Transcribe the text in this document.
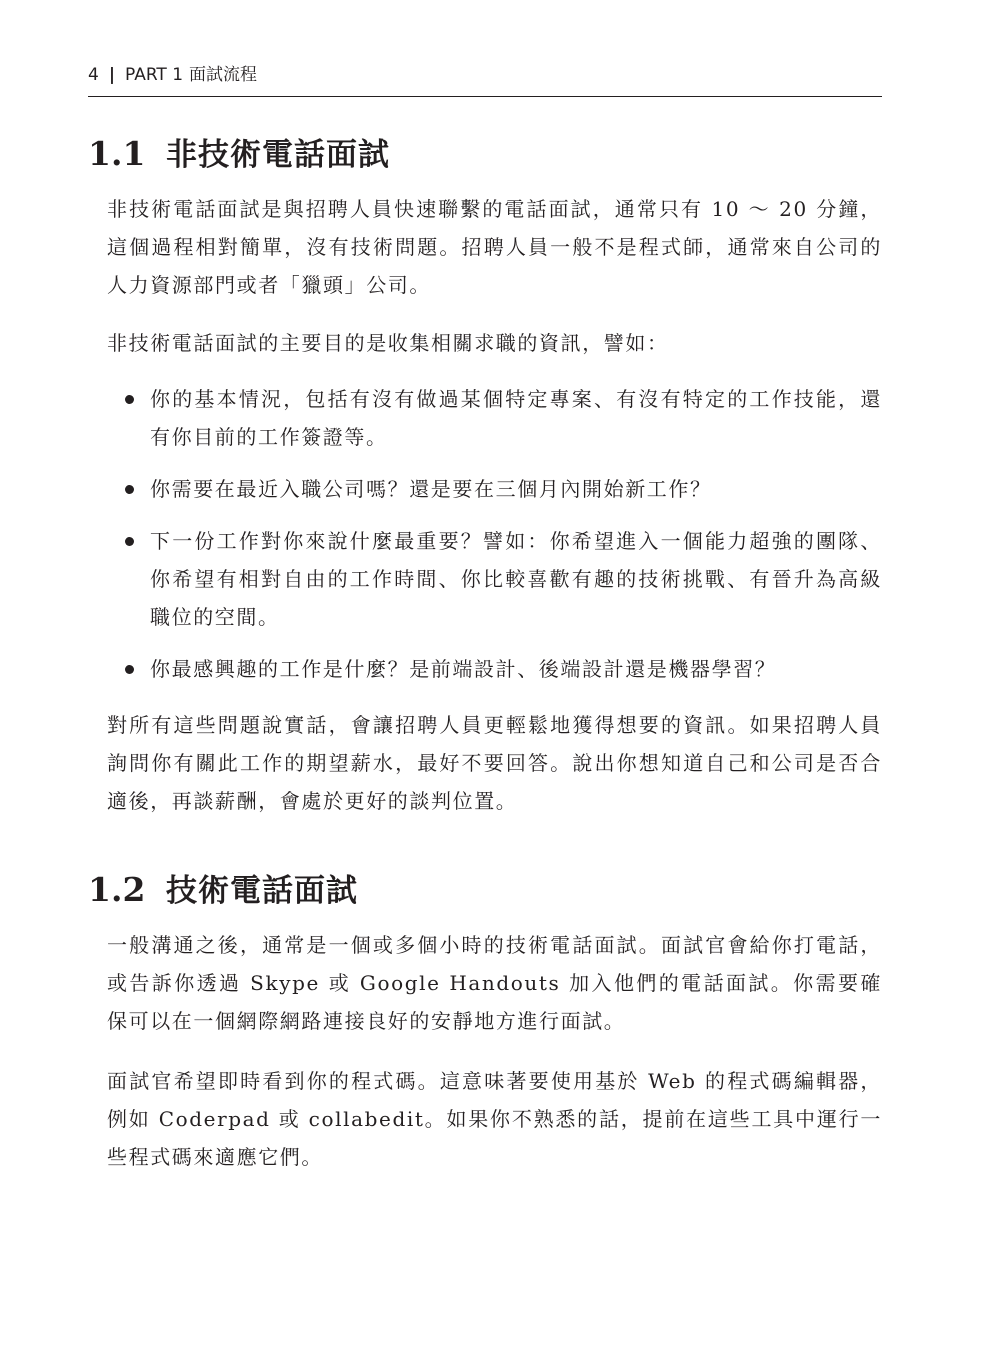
4 | PART 1 面試流程
1.1 非技術電話面試

非技術電話面試是與招聘人員快速聯繫的電話面試，通常只有 10 ～ 20 分鐘，這個過程相對簡單，沒有技術問題。招聘人員一般不是程式師，通常來自公司的人力資源部門或者「獵頭」公司。

非技術電話面試的主要目的是收集相關求職的資訊，譬如：

你的基本情況，包括有沒有做過某個特定專案、有沒有特定的工作技能，還有你目前的工作簽證等。
你需要在最近入職公司嗎？還是要在三個月內開始新工作？
下一份工作對你來說什麼最重要？譬如：你希望進入一個能力超強的團隊、你希望有相對自由的工作時間、你比較喜歡有趣的技術挑戰、有晉升為高級職位的空間。
你最感興趣的工作是什麼？是前端設計、後端設計還是機器學習？

對所有這些問題說實話，會讓招聘人員更輕鬆地獲得想要的資訊。如果招聘人員詢問你有關此工作的期望薪水，最好不要回答。說出你想知道自己和公司是否合適後，再談薪酬，會處於更好的談判位置。

1.2 技術電話面試

一般溝通之後，通常是一個或多個小時的技術電話面試。面試官會給你打電話，或告訴你透過 Skype 或 Google Handouts 加入他們的電話面試。你需要確保可以在一個網際網路連接良好的安靜地方進行面試。

面試官希望即時看到你的程式碼。這意味著要使用基於 Web 的程式碼編輯器，例如 Coderpad 或 collabedit。如果你不熟悉的話，提前在這些工具中運行一些程式碼來適應它們。
